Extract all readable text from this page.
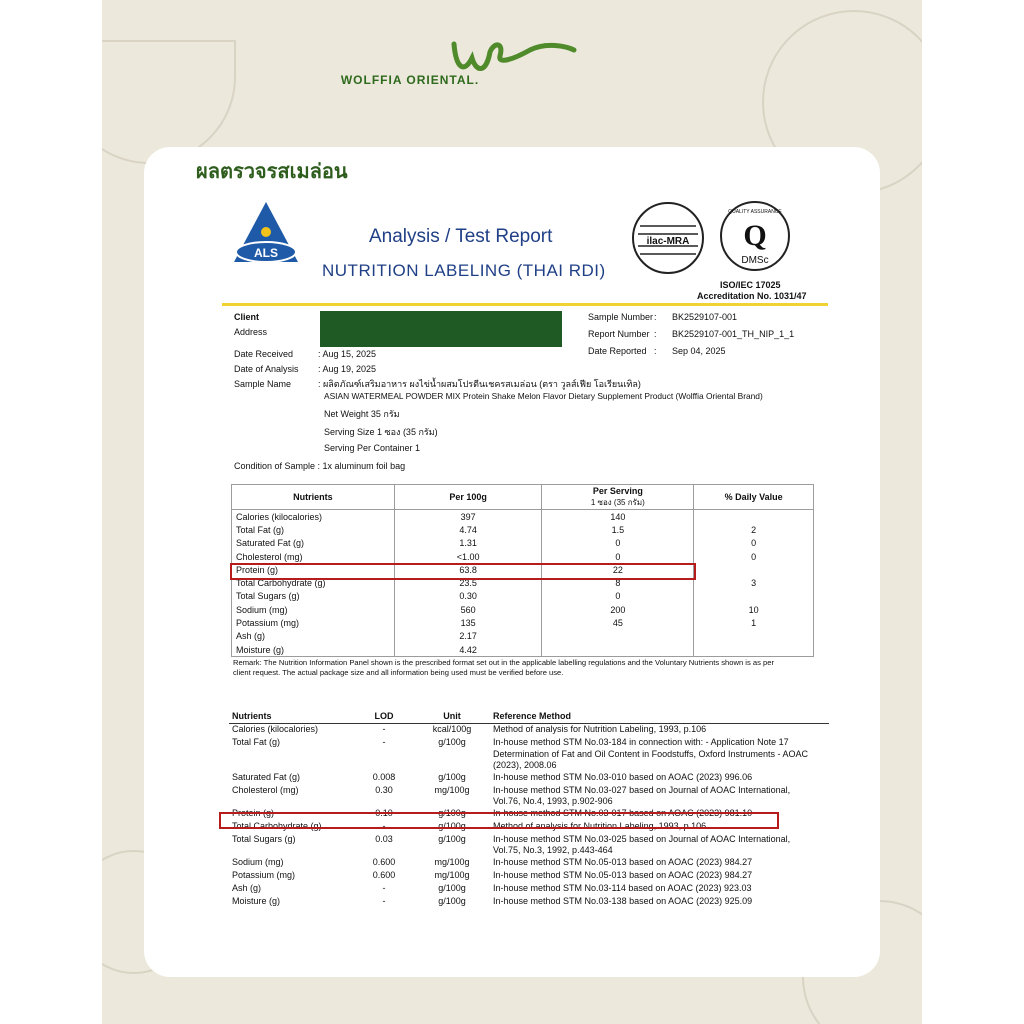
WOLFFIA ORIENTAL.
ผลตรวจรสเมล่อน
ALS
Analysis / Test Report
NUTRITION LABELING (THAI RDI)
ilac-MRA
QUALITY ASSURANCE
Q
DMSc
ISO/IEC 17025
Accreditation No. 1031/47
Client
Address
Date Received	: Aug 15, 2025
Date of Analysis : Aug 19, 2025
Sample Name	: ผลิตภัณฑ์เสริมอาหาร ผงไข่น้ำผสมโปรตีนเชครสเมล่อน (ตรา วูลส์เฟีย โอเรียนเทิล)
ASIAN WATERMEAL POWDER MIX Protein Shake Melon Flavor Dietary Supplement Product (Wolffia Oriental Brand)
Net Weight 35 กรัม
Serving Size 1 ซอง (35 กรัม)
Serving Per Container 1
Condition of Sample : 1x aluminum foil bag
Sample Number : BK2529107-001
Report Number : BK2529107-001_TH_NIP_1_1
Date Reported : Sep 04, 2025
Nutrients	Per 100g	Per Serving
1 ซอง (35 กรัม)	% Daily Value
Calories (kilocalories)	397	140	
Total Fat (g)	4.74	1.5	2
Saturated Fat (g)	1.31	0	0
Cholesterol (mg)	<1.00	0	0
Protein (g)	63.8	22	
Total Carbohydrate (g)	23.5	8	3
Total Sugars (g)	0.30	0	
Sodium (mg)	560	200	10
Potassium (mg)	135	45	1
Ash (g)	2.17		
Moisture (g)	4.42		
Remark: The Nutrition Information Panel shown is the prescribed format set out in the applicable labelling regulations and the Voluntary Nutrients shown is as per
client request. The actual package size and all information being used must be verified before use.
Nutrients	LOD	Unit	Reference Method
Calories (kilocalories)	-	kcal/100g	Method of analysis for Nutrition Labeling, 1993, p.106

Total Fat (g)	-	g/100g	In-house method STM No.03-184 in connection with: - Application Note 17
Determination of Fat and Oil Content in Foodstuffs, Oxford Instruments - AOAC
(2023), 2008.06

Saturated Fat (g)	0.008	g/100g	In-house method STM No.03-010 based on AOAC (2023) 996.06

Cholesterol (mg)	0.30	mg/100g	In-house method STM No.03-027 based on Journal of AOAC International,
Vol.76, No.4, 1993, p.902-906

Protein (g)	0.10	g/100g	In-house method STM No.03-017 based on AOAC (2023) 981.10

Total Carbohydrate (g)	-	g/100g	Method of analysis for Nutrition Labeling, 1993, p.106

Total Sugars (g)	0.03	g/100g	In-house method STM No.03-025 based on Journal of AOAC International,
Vol.75, No.3, 1992, p.443-464

Sodium (mg)	0.600	mg/100g	In-house method STM No.05-013 based on AOAC (2023) 984.27

Potassium (mg)	0.600	mg/100g	In-house method STM No.05-013 based on AOAC (2023) 984.27

Ash (g)	-	g/100g	In-house method STM No.03-114 based on AOAC (2023) 923.03

Moisture (g)	-	g/100g	In-house method STM No.03-138 based on AOAC (2023) 925.09
